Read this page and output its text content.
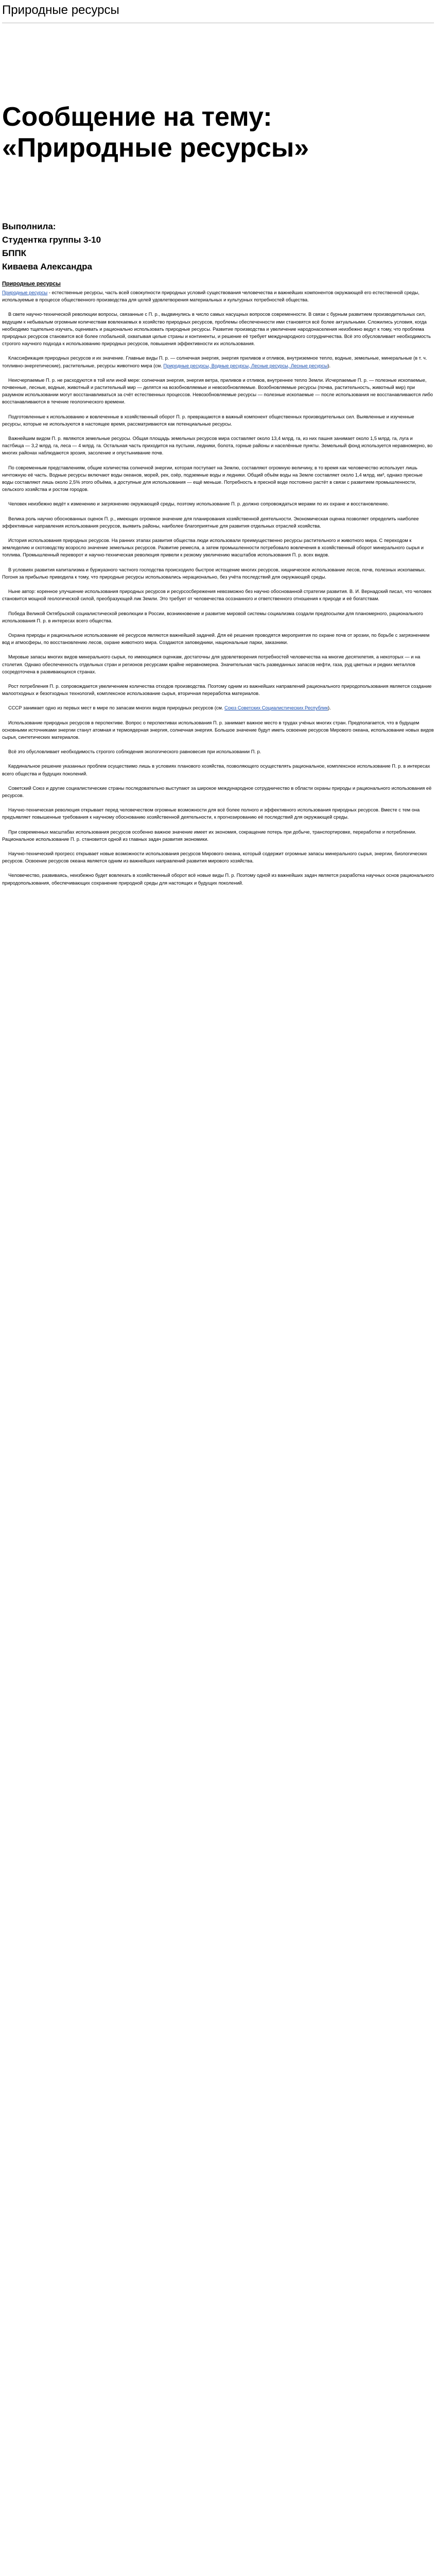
Природные ресурсы
Сообщение на тему:
«Природные ресурсы»
Выполнила:
Студентка группы 3-10
БППК
Киваева Александра
Природные ресурсы

Природные ресурсы - естественные ресурсы, часть всей совокупности природных условий существования человечества и важнейших компонентов окружающей его естественной среды, используемые в процессе общественного производства для целей удовлетворения материальных и культурных потребностей общества.

В свете научно-технической революции вопросы, связанные с П. р., выдвинулись в число самых насущных вопросов современности. В связи с бурным развитием производительных сил, ведущим к небывалым огромным количествам вовлекаемых в хозяйство природных ресурсов, проблемы обеспеченности ими становятся всё более актуальными. Сложились условия, когда необходимо тщательно изучать, оценивать и рационально использовать природные ресурсы. Развитие производства и увеличение народонаселения неизбежно ведут к тому, что проблема природных ресурсов становится всё более глобальной, охватывая целые страны и континенты, и решение её требует международного сотрудничества. Всё это обусловливает необходимость строгого научного подхода к использованию природных ресурсов, повышения эффективности их использования.

Классификация природных ресурсов и их значение. Главные виды П. р. — солнечная энергия, энергия приливов и отливов, внутриземное тепло, водные, земельные, минеральные (в т. ч. топливно-энергетические), растительные, ресурсы животного мира (см. Природные ресурсы, Водные ресурсы, Лесные ресурсы, Лесные ресурсы).

Неисчерпаемые П. р. не расходуются в той или иной мере: солнечная энергия, энергия ветра, приливов и отливов, внутреннее тепло Земли. Исчерпаемые П. р. — полезные ископаемые, почвенные, лесные, водные, животный и растительный мир — делятся на возобновляемые и невозобновляемые. Возобновляемые ресурсы (почва, растительность, животный мир) при разумном использовании могут восстанавливаться за счёт естественных процессов. Невозобновляемые ресурсы — полезные ископаемые — после использования не восстанавливаются либо восстанавливаются в течение геологического времени.

Подготовленные к использованию и вовлеченные в хозяйственный оборот П. р. превращаются в важный компонент общественных производительных сил. Выявленные и изученные ресурсы, которые не используются в настоящее время, рассматриваются как потенциальные ресурсы.

Важнейшим видом П. р. являются земельные ресурсы. Общая площадь земельных ресурсов мира составляет около 13,4 млрд. га, из них пашня занимает около 1,5 млрд. га, луга и пастбища — 3,2 млрд. га, леса — 4 млрд. га. Остальная часть приходится на пустыни, ледники, болота, горные районы и населённые пункты. Земельный фонд используется неравномерно, во многих районах наблюдаются эрозия, засоление и опустынивание почв.

По современным представлениям, общие количества солнечной энергии, которая поступает на Землю, составляют огромную величину, в то время как человечество использует лишь ничтожную её часть. Водные ресурсы включают воды океанов, морей, рек, озёр, подземные воды и ледники. Общий объём воды на Земле составляет около 1,4 млрд. км³, однако пресные воды составляют лишь около 2,5% этого объёма, а доступные для использования — ещё меньше. Потребность в пресной воде постоянно растёт в связи с развитием промышленности, сельского хозяйства и ростом городов.

Человек неизбежно ведёт к изменению и загрязнению окружающей среды, поэтому использование П. р. должно сопровождаться мерами по их охране и восстановлению.

Велика роль научно обоснованных оценок П. р., имеющих огромное значение для планирования хозяйственной деятельности. Экономическая оценка позволяет определить наиболее эффективные направления использования ресурсов, выявить районы, наиболее благоприятные для развития отдельных отраслей хозяйства.

История использования природных ресурсов. На ранних этапах развития общества люди использовали преимущественно ресурсы растительного и животного мира. С переходом к земледелию и скотоводству возросло значение земельных ресурсов. Развитие ремесла, а затем промышленности потребовало вовлечения в хозяйственный оборот минерального сырья и топлива. Промышленный переворот и научно-техническая революция привели к резкому увеличению масштабов использования П. р. всех видов.

В условиях развития капитализма и буржуазного частного господства происходило быстрое истощение многих ресурсов, хищническое использование лесов, почв, полезных ископаемых. Погоня за прибылью приводила к тому, что природные ресурсы использовались нерационально, без учёта последствий для окружающей среды.

Ныне автор: коренное улучшение использования природных ресурсов и ресурсосбережения невозможно без научно обоснованной стратегии развития. В. И. Вернадский писал, что человек становится мощной геологической силой, преобразующей лик Земли. Это требует от человечества осознанного и ответственного отношения к природе и её богатствам.

Победа Великой Октябрьской социалистической революции в России, возникновение и развитие мировой системы социализма создали предпосылки для планомерного, рационального использования П. р. в интересах всего общества.

Охрана природы и рациональное использование её ресурсов являются важнейшей задачей. Для её решения проводятся мероприятия по охране почв от эрозии, по борьбе с загрязнением вод и атмосферы, по восстановлению лесов, охране животного мира. Создаются заповедники, национальные парки, заказники.

Мировые запасы многих видов минерального сырья, по имеющимся оценкам, достаточны для удовлетворения потребностей человечества на многие десятилетия, а некоторых — и на столетия. Однако обеспеченность отдельных стран и регионов ресурсами крайне неравномерна. Значительная часть разведанных запасов нефти, газа, руд цветных и редких металлов сосредоточена в развивающихся странах.

Рост потребления П. р. сопровождается увеличением количества отходов производства. Поэтому одним из важнейших направлений рационального природопользования является создание малоотходных и безотходных технологий, комплексное использование сырья, вторичная переработка материалов.

СССР занимает одно из первых мест в мире по запасам многих видов природных ресурсов (см. Союз Советских Социалистических Республик).

Использование природных ресурсов в перспективе. Вопрос о перспективах использования П. р. занимает важное место в трудах учёных многих стран. Предполагается, что в будущем основными источниками энергии станут атомная и термоядерная энергия, солнечная энергия. Большое значение будут иметь освоение ресурсов Мирового океана, использование новых видов сырья, синтетических материалов.

Всё это обусловливает необходимость строгого соблюдения экологического равновесия при использовании П. р.

Кардинальное решение указанных проблем осуществимо лишь в условиях планового хозяйства, позволяющего осуществлять рациональное, комплексное использование П. р. в интересах всего общества и будущих поколений.

Советский Союз и другие социалистические страны последовательно выступают за широкое международное сотрудничество в области охраны природы и рационального использования её ресурсов.

Научно-техническая революция открывает перед человечеством огромные возможности для всё более полного и эффективного использования природных ресурсов. Вместе с тем она предъявляет повышенные требования к научному обоснованию хозяйственной деятельности, к прогнозированию её последствий для окружающей среды.

При современных масштабах использования ресурсов особенно важное значение имеет их экономия, сокращение потерь при добыче, транспортировке, переработке и потреблении. Рациональное использование П. р. становится одной из главных задач развития экономики.

Научно-технический прогресс открывает новые возможности использования ресурсов Мирового океана, который содержит огромные запасы минерального сырья, энергии, биологических ресурсов. Освоение ресурсов океана является одним из важнейших направлений развития мирового хозяйства.

Человечество, развиваясь, неизбежно будет вовлекать в хозяйственный оборот всё новые виды П. р. Поэтому одной из важнейших задач является разработка научных основ рационального природопользования, обеспечивающих сохранение природной среды для настоящих и будущих поколений.
